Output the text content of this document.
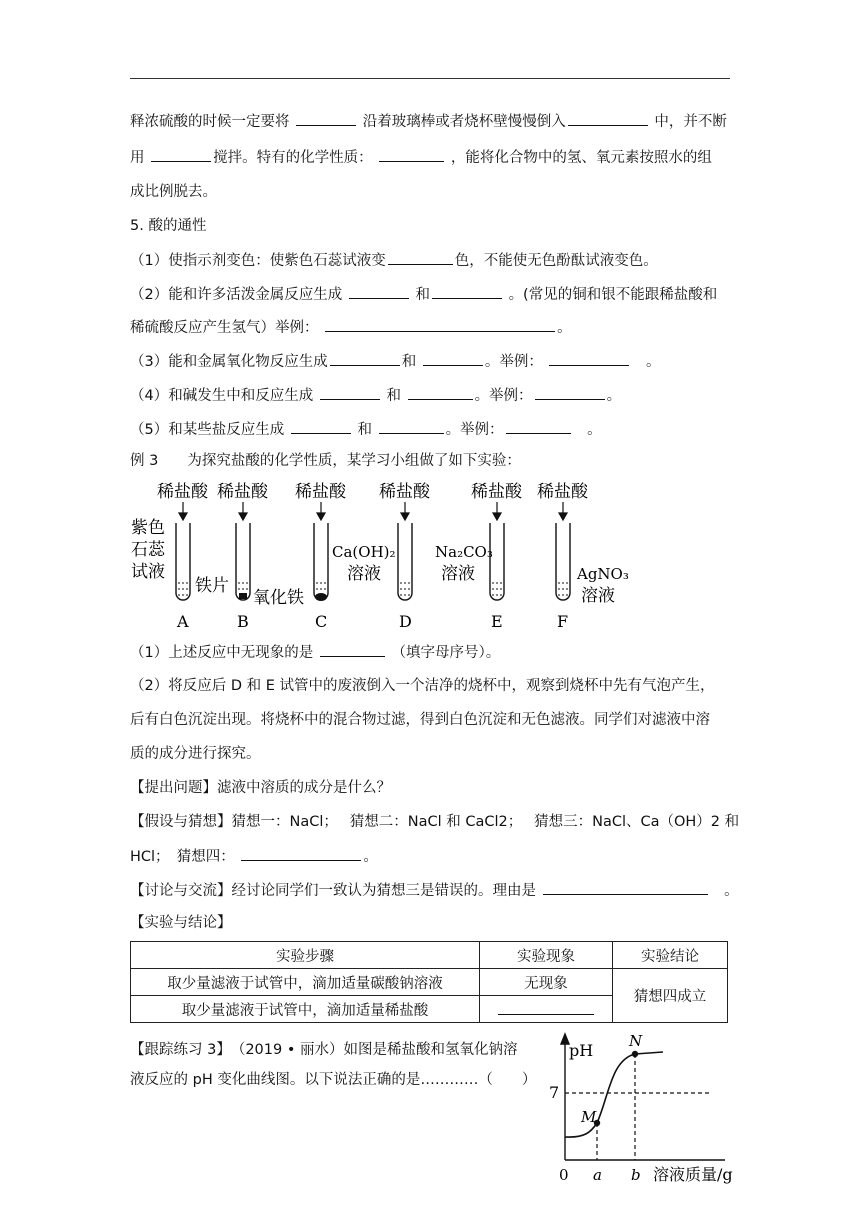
释浓硫酸的时候一定要将	沿着玻璃棒或者烧杯壁慢慢倒入	中，并不断
用	搅拌。特有的化学性质：	，能将化合物中的氢、氧元素按照水的组
成比例脱去。
5. 酸的通性
（1）使指示剂变色：使紫色石蕊试液变	色，不能使无色酚酞试液变色。
（2）能和许多活泼金属反应生成	和	。(常见的铜和银不能跟稀盐酸和
稀硫酸反应产生氢气）举例：	。
（3）能和金属氧化物反应生成	和	。举例： 　	。
（4）和碱发生中和反应生成	和	。举例：	。
（5）和某些盐反应生成	和	。举例：　	。
例 3　　为探究盐酸的化学性质，某学习小组做了如下实验：
稀盐酸 稀盐酸 稀盐酸 稀盐酸 稀盐酸 稀盐酸
紫色
石蕊
试液
铁片
氧化铁
Ca(OH)₂
溶液
Na₂CO₃
溶液	AgNO₃
溶液
A	B	C	D	E	F
（1）上述反应中无现象的是	（填字母序号）。
（2）将反应后 D 和 E 试管中的废液倒入一个洁净的烧杯中，观察到烧杯中先有气泡产生，
后有白色沉淀出现。将烧杯中的混合物过滤，得到白色沉淀和无色滤液。同学们对滤液中溶
质的成分进行探究。
【提出问题】滤液中溶质的成分是什么？
【假设与猜想】猜想一：NaCl；　 猜想二：NaCl 和 CaCl2；　 猜想三：NaCl、Ca（OH）2 和
HCl；　猜想四：	。
【讨论与交流】经讨论同学们一致认为猜想三是错误的。理由是 　	。
【实验与结论】
实验步骤	实验现象	实验结论
取少量滤液于试管中，滴加适量碳酸钠溶液	无现象	猜想四成立
取少量滤液于试管中，滴加适量稀盐酸		
【跟踪练习 3】　（2019 • 丽水）如图是稀盐酸和氢氧化钠溶
液反应的 pH 变化曲线图。以下说法正确的是…………（　　）
pH
7
M
N
0 a b 溶液质量/g
